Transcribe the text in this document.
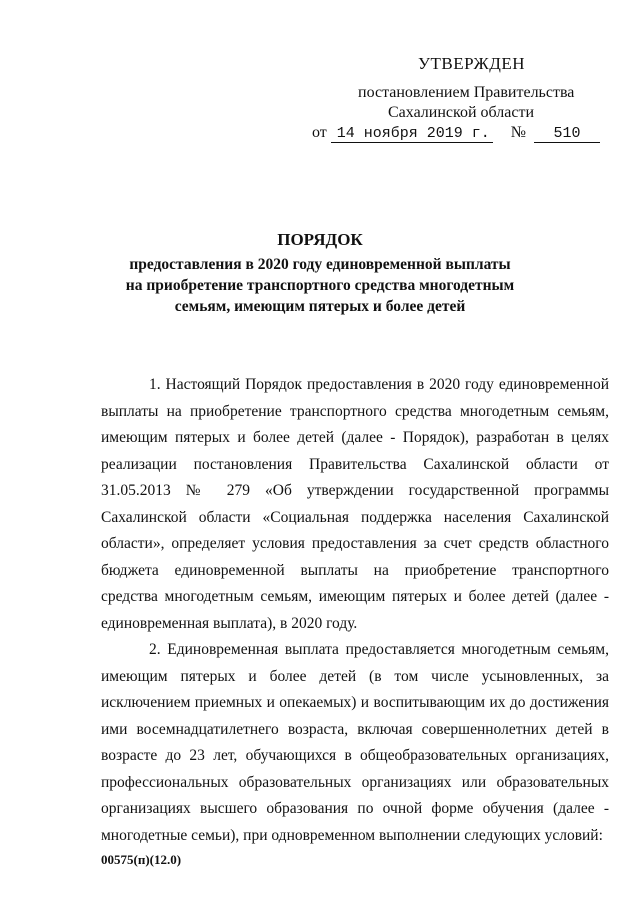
УТВЕРЖДЕН
постановлением Правительства
Сахалинской области
от 14 ноября 2019 г. № 510
ПОРЯДОК
предоставления в 2020 году единовременной выплаты
на приобретение транспортного средства многодетным
семьям, имеющим пятерых и более детей

1. Настоящий Порядок предоставления в 2020 году единовременной выплаты на приобретение транспортного средства многодетным семьям, имеющим пятерых и более детей (далее - Порядок), разработан в целях реализации постановления Правительства Сахалинской области от 31.05.2013 № 279 «Об утверждении государственной программы Сахалинской области «Социальная поддержка населения Сахалинской области», определяет условия предоставления за счет средств областного бюджета единовременной выплаты на приобретение транспортного средства многодетным семьям, имеющим пятерых и более детей (далее - единовременная выплата), в 2020 году.

2. Единовременная выплата предоставляется многодетным семьям, имеющим пятерых и более детей (в том числе усыновленных, за исключением приемных и опекаемых) и воспитывающим их до достижения ими восемнадцатилетнего возраста, включая совершеннолетних детей в возрасте до 23 лет, обучающихся в общеобразовательных организациях, профессиональных образовательных организациях или образовательных организациях высшего образования по очной форме обучения (далее - многодетные семьи), при одновременном выполнении следующих условий:

00575(п)(12.0)
